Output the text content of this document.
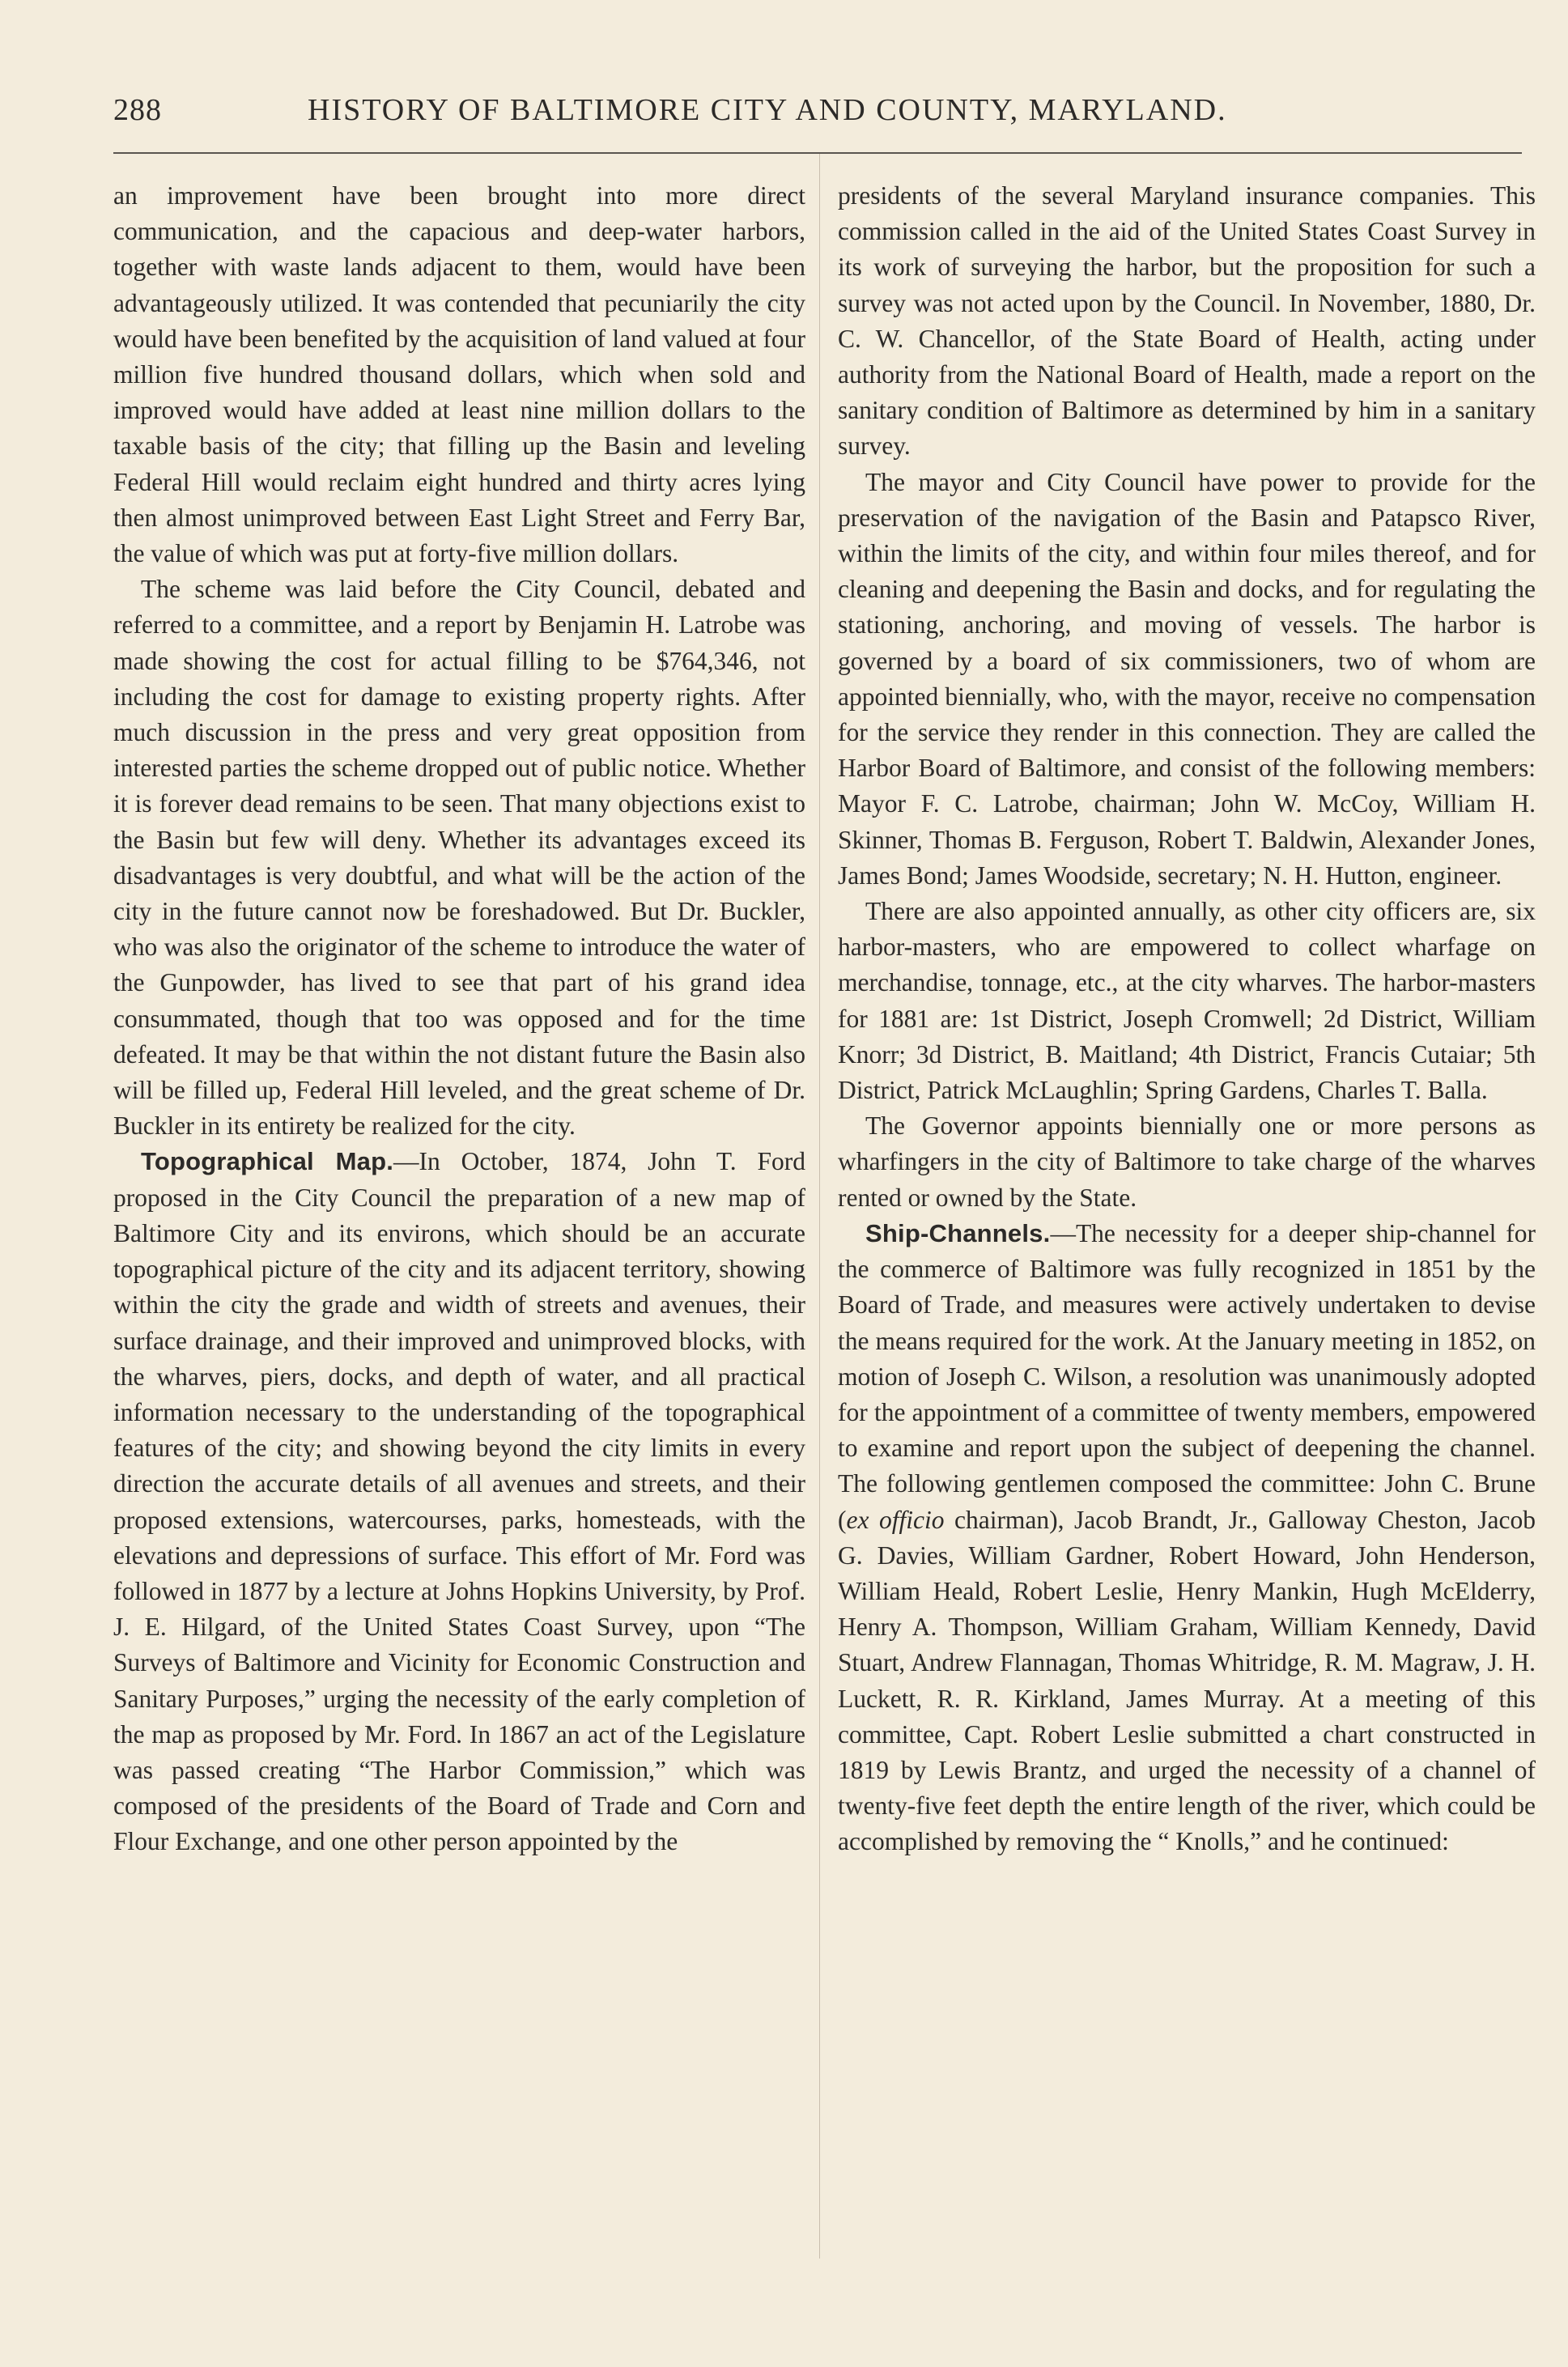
288	HISTORY OF BALTIMORE CITY AND COUNTY, MARYLAND.

an improvement have been brought into more direct communication, and the capacious and deep-water harbors, together with waste lands adjacent to them, would have been advantageously utilized. It was contended that pecuniarily the city would have been benefited by the acquisition of land valued at four million five hundred thousand dollars, which when sold and improved would have added at least nine million dollars to the taxable basis of the city; that filling up the Basin and leveling Federal Hill would reclaim eight hundred and thirty acres lying then almost unimproved between East Light Street and Ferry Bar, the value of which was put at forty-five million dollars.

The scheme was laid before the City Council, debated and referred to a committee, and a report by Benjamin H. Latrobe was made showing the cost for actual filling to be $764,346, not including the cost for damage to existing property rights. After much discussion in the press and very great opposition from interested parties the scheme dropped out of public notice. Whether it is forever dead remains to be seen. That many objections exist to the Basin but few will deny. Whether its advantages exceed its disadvantages is very doubtful, and what will be the action of the city in the future cannot now be foreshadowed. But Dr. Buckler, who was also the originator of the scheme to introduce the water of the Gunpowder, has lived to see that part of his grand idea consummated, though that too was opposed and for the time defeated. It may be that within the not distant future the Basin also will be filled up, Federal Hill leveled, and the great scheme of Dr. Buckler in its entirety be realized for the city.

Topographical Map.—In October, 1874, John T. Ford proposed in the City Council the preparation of a new map of Baltimore City and its environs, which should be an accurate topographical picture of the city and its adjacent territory, showing within the city the grade and width of streets and avenues, their surface drainage, and their improved and unimproved blocks, with the wharves, piers, docks, and depth of water, and all practical information necessary to the understanding of the topographical features of the city; and showing beyond the city limits in every direction the accurate details of all avenues and streets, and their proposed extensions, watercourses, parks, homesteads, with the elevations and depressions of surface. This effort of Mr. Ford was followed in 1877 by a lecture at Johns Hopkins University, by Prof. J. E. Hilgard, of the United States Coast Survey, upon “The Surveys of Baltimore and Vicinity for Economic Construction and Sanitary Purposes,” urging the necessity of the early completion of the map as proposed by Mr. Ford. In 1867 an act of the Legislature was passed creating “The Harbor Commission,” which was composed of the presidents of the Board of Trade and Corn and Flour Exchange, and one other person appointed by the

presidents of the several Maryland insurance companies. This commission called in the aid of the United States Coast Survey in its work of surveying the harbor, but the proposition for such a survey was not acted upon by the Council. In November, 1880, Dr. C. W. Chancellor, of the State Board of Health, acting under authority from the National Board of Health, made a report on the sanitary condition of Baltimore as determined by him in a sanitary survey.

The mayor and City Council have power to provide for the preservation of the navigation of the Basin and Patapsco River, within the limits of the city, and within four miles thereof, and for cleaning and deepening the Basin and docks, and for regulating the stationing, anchoring, and moving of vessels. The harbor is governed by a board of six commissioners, two of whom are appointed biennially, who, with the mayor, receive no compensation for the service they render in this connection. They are called the Harbor Board of Baltimore, and consist of the following members: Mayor F. C. Latrobe, chairman; John W. McCoy, William H. Skinner, Thomas B. Ferguson, Robert T. Baldwin, Alexander Jones, James Bond; James Woodside, secretary; N. H. Hutton, engineer.

There are also appointed annually, as other city officers are, six harbor-masters, who are empowered to collect wharfage on merchandise, tonnage, etc., at the city wharves. The harbor-masters for 1881 are: 1st District, Joseph Cromwell; 2d District, William Knorr; 3d District, B. Maitland; 4th District, Francis Cutaiar; 5th District, Patrick McLaughlin; Spring Gardens, Charles T. Balla.

The Governor appoints biennially one or more persons as wharfingers in the city of Baltimore to take charge of the wharves rented or owned by the State.

Ship-Channels.—The necessity for a deeper ship-channel for the commerce of Baltimore was fully recognized in 1851 by the Board of Trade, and measures were actively undertaken to devise the means required for the work. At the January meeting in 1852, on motion of Joseph C. Wilson, a resolution was unanimously adopted for the appointment of a committee of twenty members, empowered to examine and report upon the subject of deepening the channel. The following gentlemen composed the committee: John C. Brune (ex officio chairman), Jacob Brandt, Jr., Galloway Cheston, Jacob G. Davies, William Gardner, Robert Howard, John Henderson, William Heald, Robert Leslie, Henry Mankin, Hugh McElderry, Henry A. Thompson, William Graham, William Kennedy, David Stuart, Andrew Flannagan, Thomas Whitridge, R. M. Magraw, J. H. Luckett, R. R. Kirkland, James Murray. At a meeting of this committee, Capt. Robert Leslie submitted a chart constructed in 1819 by Lewis Brantz, and urged the necessity of a channel of twenty-five feet depth the entire length of the river, which could be accomplished by removing the “ Knolls,” and he continued:
